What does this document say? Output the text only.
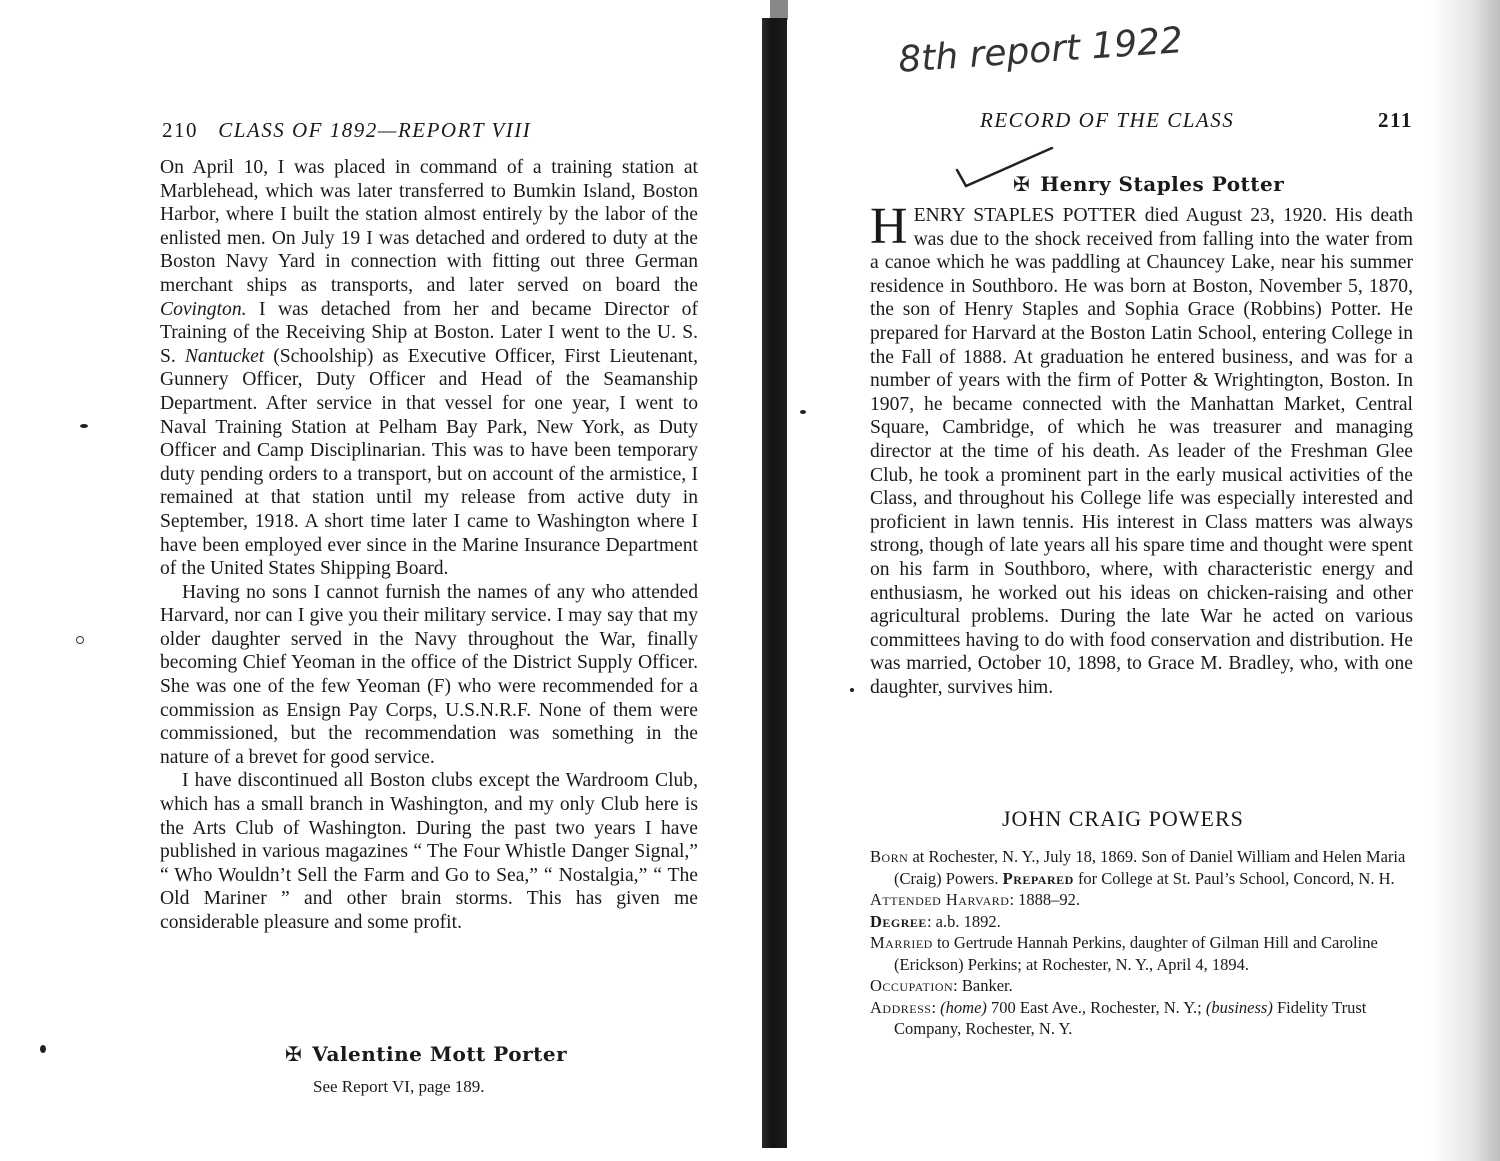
210 CLASS OF 1892—REPORT VIII

On April 10, I was placed in command of a training station at Marblehead, which was later transferred to Bumkin Island, Boston Harbor, where I built the station almost entirely by the labor of the enlisted men. On July 19 I was detached and ordered to duty at the Boston Navy Yard in connection with fitting out three German merchant ships as transports, and later served on board the Covington. I was detached from her and became Director of Training of the Receiving Ship at Boston. Later I went to the U. S. S. Nantucket (Schoolship) as Executive Officer, First Lieutenant, Gunnery Officer, Duty Officer and Head of the Seamanship Department. After service in that vessel for one year, I went to Naval Training Station at Pelham Bay Park, New York, as Duty Officer and Camp Disciplinarian. This was to have been temporary duty pending orders to a transport, but on account of the armistice, I remained at that station until my release from active duty in September, 1918. A short time later I came to Washington where I have been employed ever since in the Marine Insurance Department of the United States Shipping Board.

Having no sons I cannot furnish the names of any who attended Harvard, nor can I give you their military service. I may say that my older daughter served in the Navy throughout the War, finally becoming Chief Yeoman in the office of the District Supply Officer. She was one of the few Yeoman (F) who were recommended for a commission as Ensign Pay Corps, U.S.N.R.F. None of them were commissioned, but the recommendation was something in the nature of a brevet for good service.

I have discontinued all Boston clubs except the Wardroom Club, which has a small branch in Washington, and my only Club here is the Arts Club of Washington. During the past two years I have published in various magazines “ The Four Whistle Danger Signal,” “ Who Wouldn’t Sell the Farm and Go to Sea,” “ Nostalgia,” “ The Old Mariner ” and other brain storms. This has given me considerable pleasure and some profit.

✠ Valentine Mott Porter
See Report VI, page 189.
8th report 1922
RECORD OF THE CLASS	211
✠ Henry Staples Potter

HENRY STAPLES POTTER died August 23, 1920. His death was due to the shock received from falling into the water from a canoe which he was paddling at Chauncey Lake, near his summer residence in Southboro. He was born at Boston, November 5, 1870, the son of Henry Staples and Sophia Grace (Robbins) Potter. He prepared for Harvard at the Boston Latin School, entering College in the Fall of 1888. At graduation he entered business, and was for a number of years with the firm of Potter & Wrightington, Boston. In 1907, he became connected with the Manhattan Market, Central Square, Cambridge, of which he was treasurer and managing director at the time of his death. As leader of the Freshman Glee Club, he took a prominent part in the early musical activities of the Class, and throughout his College life was especially interested and proficient in lawn tennis. His interest in Class matters was always strong, though of late years all his spare time and thought were spent on his farm in Southboro, where, with characteristic energy and enthusiasm, he worked out his ideas on chicken-raising and other agricultural problems. During the late War he acted on various committees having to do with food conservation and distribution. He was married, October 10, 1898, to Grace M. Bradley, who, with one daughter, survives him.

JOHN CRAIG POWERS

Born at Rochester, N. Y., July 18, 1869. Son of Daniel William and Helen Maria (Craig) Powers. Prepared for College at St. Paul’s School, Concord, N. H.

Attended Harvard: 1888–92.

Degree: a.b. 1892.

Married to Gertrude Hannah Perkins, daughter of Gilman Hill and Caroline (Erickson) Perkins; at Rochester, N. Y., April 4, 1894.

Occupation: Banker.

Address: (home) 700 East Ave., Rochester, N. Y.; (business) Fidelity Trust Company, Rochester, N. Y.
